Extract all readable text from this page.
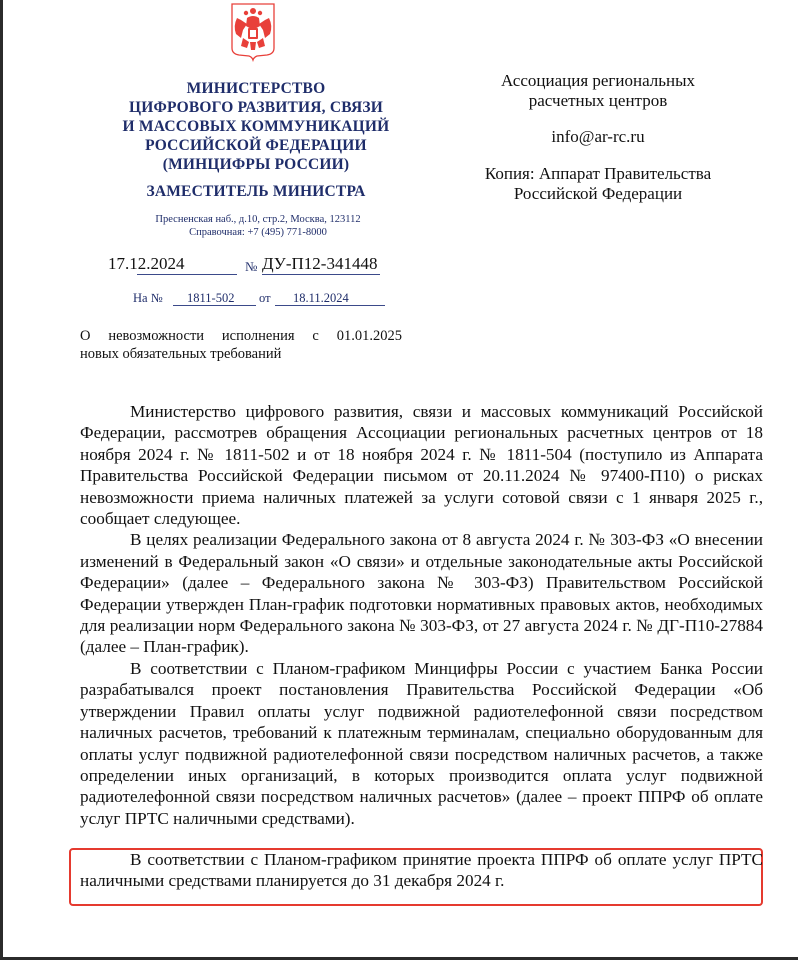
МИНИСТЕРСТВО
ЦИФРОВОГО РАЗВИТИЯ, СВЯЗИ
И МАССОВЫХ КОММУНИКАЦИЙ
РОССИЙСКОЙ ФЕДЕРАЦИИ
(МИНЦИФРЫ РОССИИ)
ЗАМЕСТИТЕЛЬ МИНИСТРА
Пресненская наб., д.10, стр.2, Москва, 123112
Справочная: +7 (495) 771-8000
17.12.2024	№ ДУ-П12-341448
На № 1811-502 от 18.11.2024
Ассоциация региональных
расчетных центров
info@ar-rc.ru
Копия: Аппарат Правительства
Российской Федерации
О невозможности исполнения с 01.01.2025
новых обязательных требований

Министерство цифрового развития, связи и массовых коммуникаций Российской Федерации, рассмотрев обращения Ассоциации региональных расчетных центров от 18 ноября 2024 г. № 1811-502 и от 18 ноября 2024 г. № 1811-504 (поступило из Аппарата Правительства Российской Федерации письмом от 20.11.2024 № 97400-П10) о рисках невозможности приема наличных платежей за услуги сотовой связи с 1 января 2025 г., сообщает следующее.

В целях реализации Федерального закона от 8 августа 2024 г. № 303-ФЗ «О внесении изменений в Федеральный закон «О связи» и отдельные законодательные акты Российской Федерации» (далее – Федерального закона № 303-ФЗ) Правительством Российской Федерации утвержден План-график подготовки нормативных правовых актов, необходимых для реализации норм Федерального закона № 303-ФЗ, от 27 августа 2024 г. № ДГ-П10-27884 (далее – План-график).

В соответствии с Планом-графиком Минцифры России с участием Банка России разрабатывался проект постановления Правительства Российской Федерации «Об утверждении Правил оплаты услуг подвижной радиотелефонной связи посредством наличных расчетов, требований к платежным терминалам, специально оборудованным для оплаты услуг подвижной радиотелефонной связи посредством наличных расчетов, а также определении иных организаций, в которых производится оплата услуг подвижной радиотелефонной связи посредством наличных расчетов» (далее – проект ППРФ об оплате услуг ПРТС наличными средствами).

В соответствии с Планом-графиком принятие проекта ППРФ об оплате услуг ПРТС наличными средствами планируется до 31 декабря 2024 г.
